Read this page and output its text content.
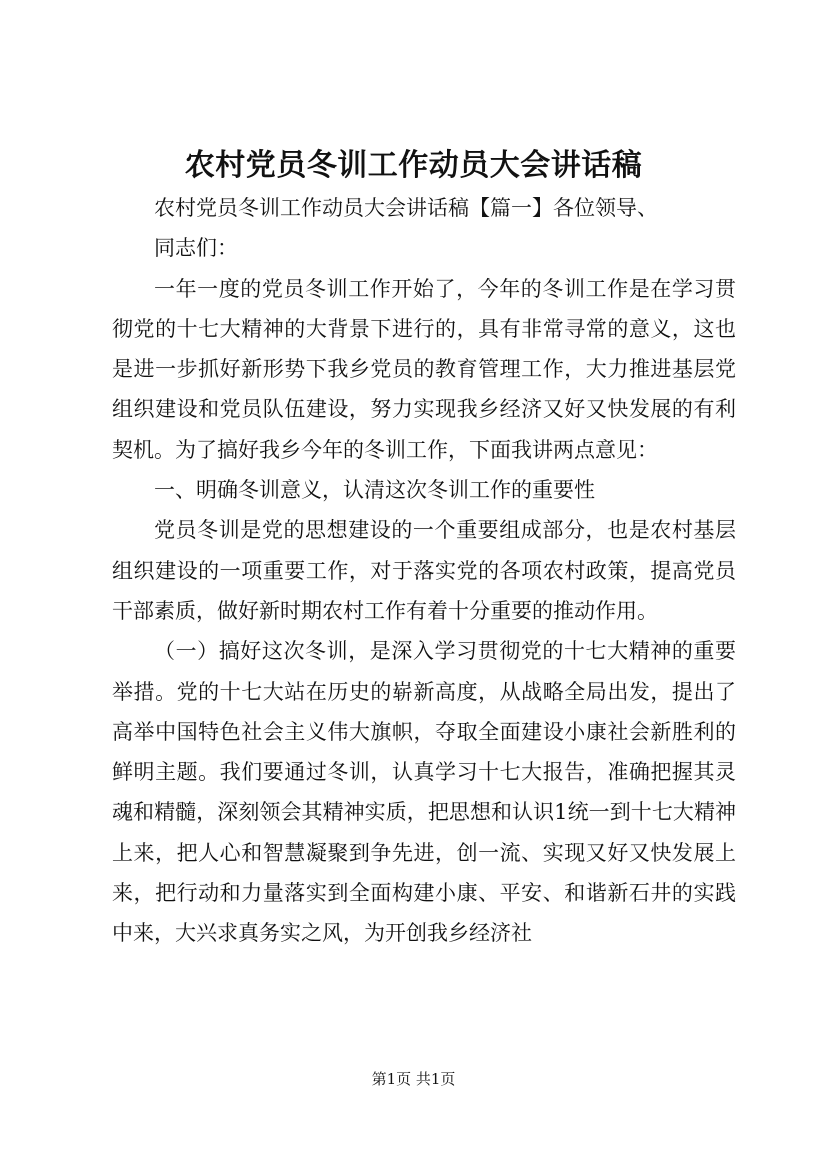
农村党员冬训工作动员大会讲话稿

农村党员冬训工作动员大会讲话稿【篇一】各位领导、

同志们：

一年一度的党员冬训工作开始了，今年的冬训工作是在学习贯彻党的十七大精神的大背景下进行的，具有非常寻常的意义，这也是进一步抓好新形势下我乡党员的教育管理工作，大力推进基层党组织建设和党员队伍建设，努力实现我乡经济又好又快发展的有利契机。为了搞好我乡今年的冬训工作，下面我讲两点意见：

一、明确冬训意义，认清这次冬训工作的重要性

党员冬训是党的思想建设的一个重要组成部分，也是农村基层组织建设的一项重要工作，对于落实党的各项农村政策，提高党员干部素质，做好新时期农村工作有着十分重要的推动作用。

（一）搞好这次冬训，是深入学习贯彻党的十七大精神的重要举措。党的十七大站在历史的崭新高度，从战略全局出发，提出了高举中国特色社会主义伟大旗帜，夺取全面建设小康社会新胜利的鲜明主题。我们要通过冬训，认真学习十七大报告，准确把握其灵魂和精髓，深刻领会其精神实质，把思想和认识1统一到十七大精神上来，把人心和智慧凝聚到争先进，创一流、实现又好又快发展上来，把行动和力量落实到全面构建小康、平安、和谐新石井的实践中来，大兴求真务实之风，为开创我乡经济社

第1页 共1页
